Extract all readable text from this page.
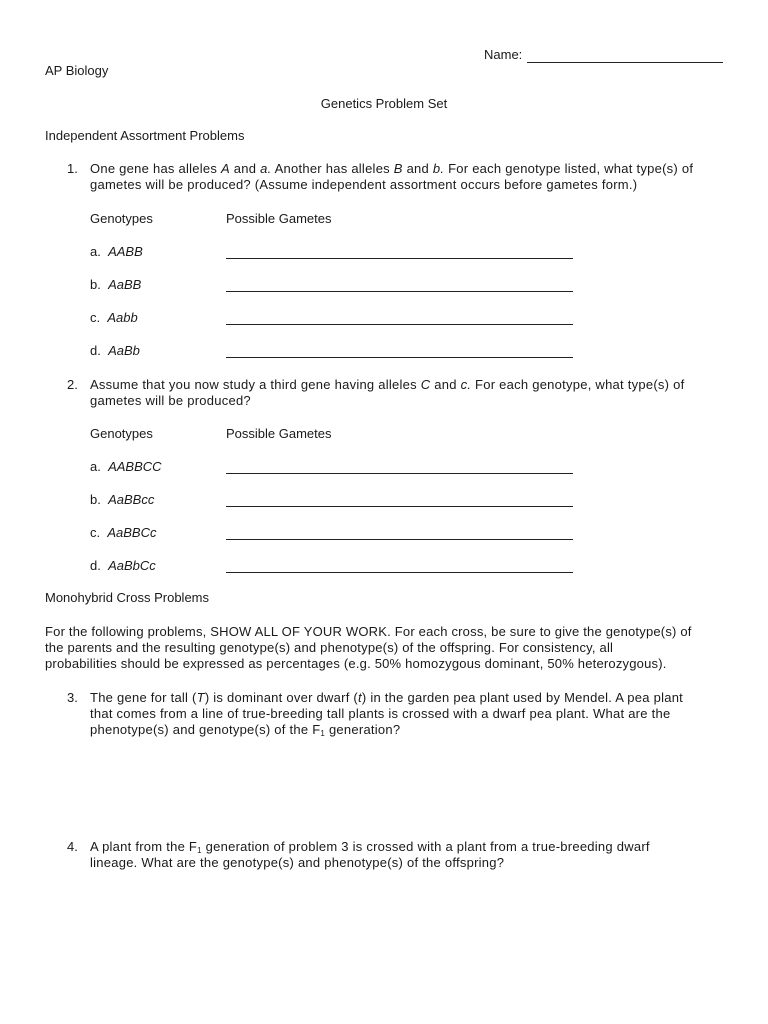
Name:
AP Biology
Genetics Problem Set
Independent Assortment Problems
1. One gene has alleles A and a. Another has alleles B and b. For each genotype listed, what type(s) of
gametes will be produced? (Assume independent assortment occurs before gametes form.)
Genotypes	Possible Gametes
a. AABB
b. AaBB
c. Aabb
d. AaBb
2. Assume that you now study a third gene having alleles C and c. For each genotype, what type(s) of
gametes will be produced?
Genotypes	Possible Gametes
a. AABBCC
b. AaBBcc
c. AaBBCc
d. AaBbCc
Monohybrid Cross Problems
For the following problems, SHOW ALL OF YOUR WORK. For each cross, be sure to give the genotype(s) of
the parents and the resulting genotype(s) and phenotype(s) of the offspring. For consistency, all
probabilities should be expressed as percentages (e.g. 50% homozygous dominant, 50% heterozygous).
3. The gene for tall (T) is dominant over dwarf (t) in the garden pea plant used by Mendel. A pea plant
that comes from a line of true-breeding tall plants is crossed with a dwarf pea plant. What are the
phenotype(s) and genotype(s) of the $F_1$ generation?
4. A plant from the $F_1$ generation of problem 3 is crossed with a plant from a true-breeding dwarf
lineage. What are the genotype(s) and phenotype(s) of the offspring?
